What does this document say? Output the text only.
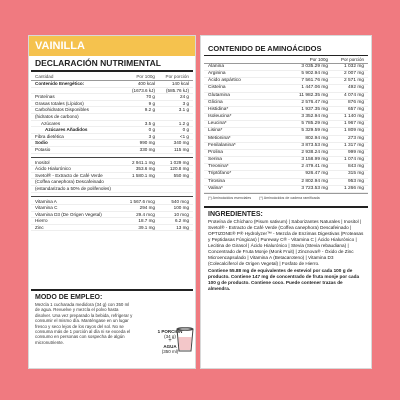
VAINILLA
DECLARACIÓN NUTRIMENTAL
Cantidad	Por 100g	Por porción
Contenido Energético:	400 kcal	140 kcal
(1673.6 kJ)	(585.76 kJ)
Proteínas	70 g	24 g
Grasas totales (Lípidos)	9 g	3 g
Carbohidratos Disponibles	9.2 g	3.1 g
(hidratos de carbono)
Azúcares	3.5 g	1.2 g
Azúcares Añadidos	0 g	0 g
Fibra dietética	3 g	<1 g
Sodio	990 mg	340 mg
Potasio	330 mg	115 mg
Inositol	2 941.1 mg	1 029 mg
Ácido Hialurónico	353.6 mg	120.8 mg
Svetol® - Extracto de Café Verde	1 580.1 mg	550 mg
(Coffea canephora) Descafeinado
(estandarizado a 50% de polifenoles)
Vitamina A	1 567.6 mcg	540 mcg
Vitamina C	294 mg	100 mg
Vitamina D3 (De Origen Vegetal)	29.4 mcg	10 mcg
Hierro	18.7 mg	6.2 mg
Zinc	39.1 mg	13 mg
MODO DE EMPLEO:
Mezcla 1 cucharada medidora (34 g) con 350 ml de agua. Revuelve y mezcla el polvo hasta disolver. Una vez preparado la bebida, refrigerar y consumir el mismo día. Manténgase en un lugar fresco y seco lejos de los rayos del sol. No se consuma más de 1 porción al día ni se exceda el consumo en personas con sospecha de algún micronutriente.
1 PORCIÓN
(34 g)
+
AGUA
(350 ml)
CONTENIDO DE AMINOÁCIDOS
Por 100g	Por porción
Alanina	3 035.29 mg	1 032 mg
Arginina	5 902.94 mg	2 007 mg
Ácido aspártico	7 561.76 mg	2 571 mg
Cisteína	1 447.06 mg	492 mg
Glutamina	11 982.35 mg	4 074 mg
Glicina	2 576.47 mg	876 mg
Histidina*	1 937.35 mg	657 mg
Isoleucina*	3 352.94 mg	1 140 mg
Leucina*	5 785.29 mg	1 967 mg
Lisina*	5 329.59 mg	1 809 mg
Metionina*	802.94 mg	273 mg
Fenilalanina*	3 873.53 mg	1 317 mg
Prolina	2 938.24 mg	999 mg
Serina	3 158.99 mg	1 074 mg
Treonina*	2 479.41 mg	843 mg
Triptófano*	926.47 mg	315 mg
Tirosina	2 802.94 mg	953 mg
Valina*	3 723.53 mg	1 266 mg
(*) Aminoácidos esenciales (*) Aminoácidos de cadena ramificada
INGREDIENTES:
Proteína de Chícharo (Pisum sativum) | Saborizantes Naturales | Inositol | Svetol® - Extracto de Café Verde (Coffea canephora) Descafeinado | OPTIZONE® P® Hydrolyzer™ - Mezcla de Enzimas Digestivas (Proteasas y Peptidasas Fúngicas) | Pureway C® - Vitamina C | Ácido Hialurónico | Lecitina de Girasol | Ácido Hialurónico | Stevia (Stevia rebaudiana) | Concentrado de Fruta Monje (Monk Fruit) | Zincnova® - Óxido de Zinc Microencapsulado | Vitamina A (Betacaroteno) | Vitamina D3 (Colecalciferol de Origen Vegetal) | Fosfato de Hierro.
Contiene 55.88 mg de equivalentes de esteviol por cada 100 g de producto. Contiene 147 mg de concentrado de fruta monje por cada 100 g de producto. Contiene coco. Puede contener trazas de almendra.
